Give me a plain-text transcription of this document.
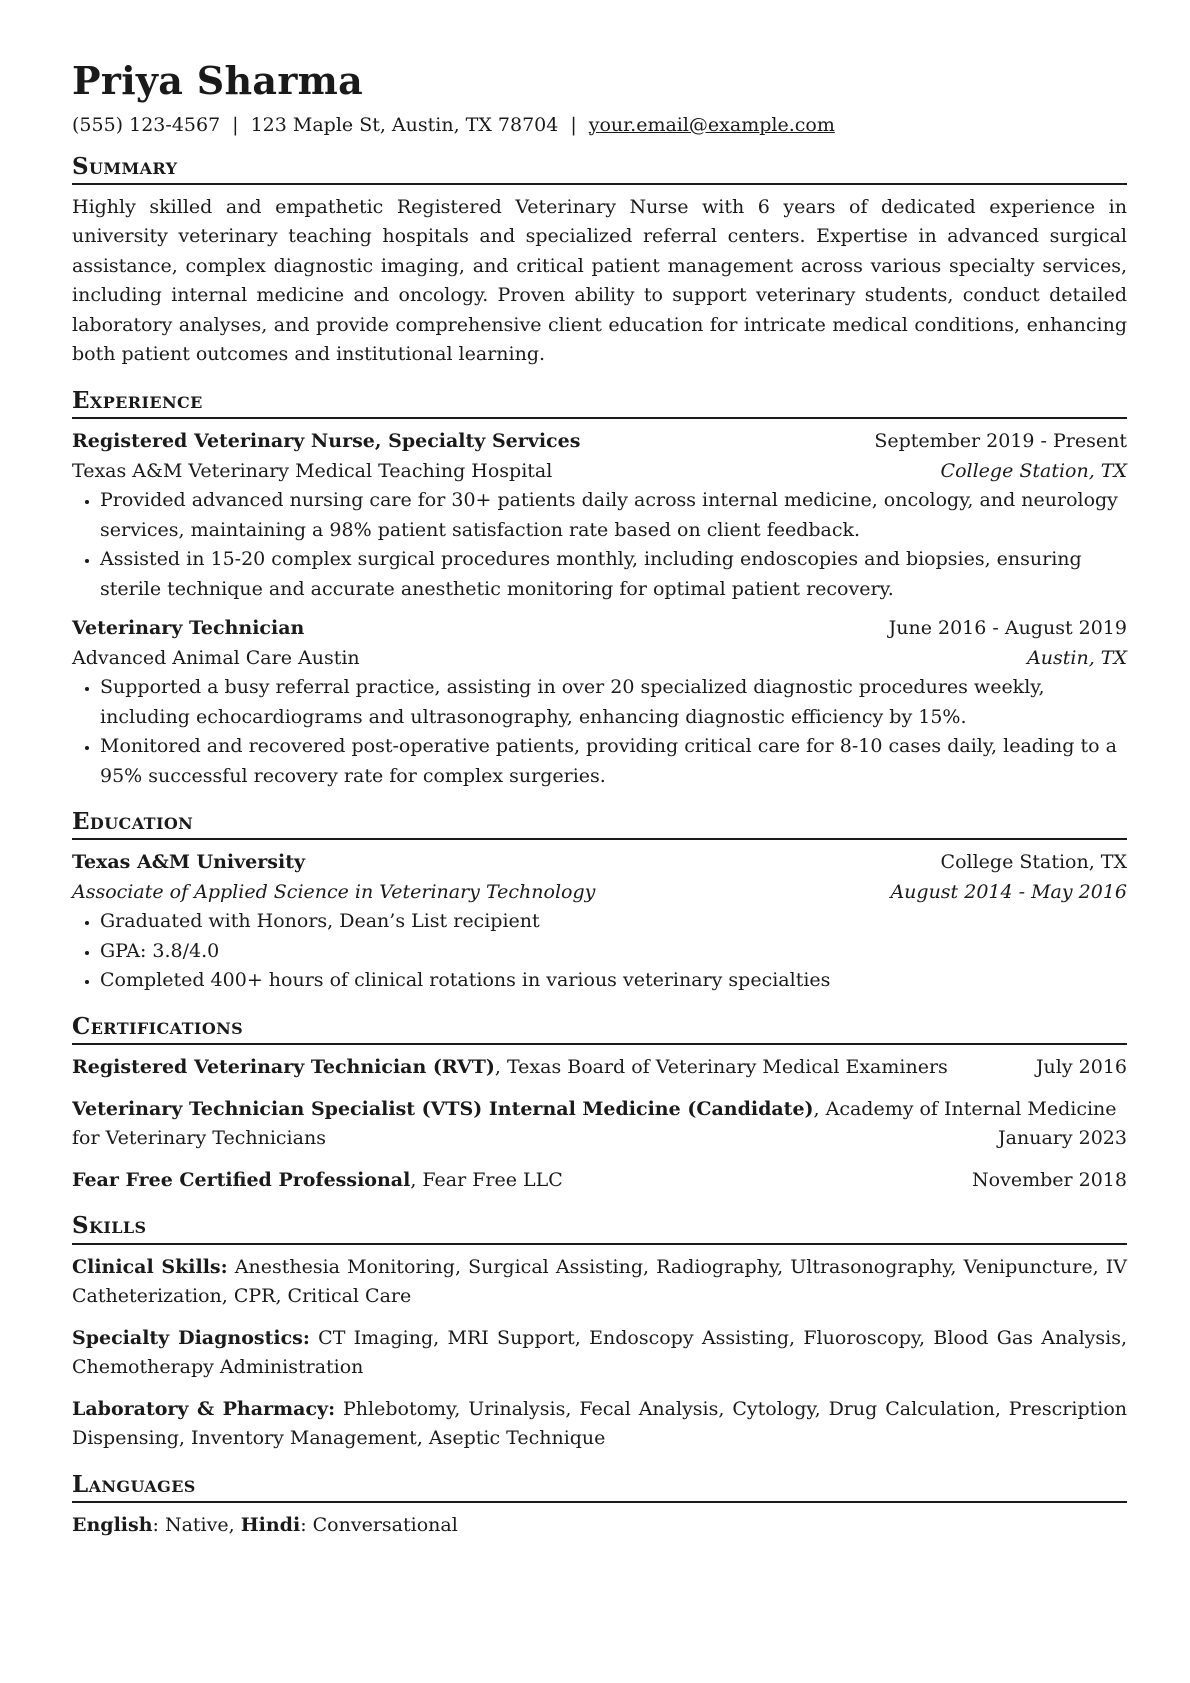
Priya Sharma
(555) 123-4567 | 123 Maple St, Austin, TX 78704 | your.email@example.com
Summary

Highly skilled and empathetic Registered Veterinary Nurse with 6 years of dedicated experience in university veterinary teaching hospitals and specialized referral centers. Expertise in advanced surgical assistance, complex diagnostic imaging, and critical patient management across various specialty services, including internal medicine and oncology. Proven ability to support veterinary students, conduct detailed laboratory analyses, and provide comprehensive client education for intricate medical conditions, enhancing both patient outcomes and institutional learning.

Experience
Registered Veterinary Nurse, Specialty Services	September 2019 - Present
Texas A&M Veterinary Medical Teaching Hospital	College Station, TX
• Provided advanced nursing care for 30+ patients daily across internal medicine, oncology, and neurology services, maintaining a 98% patient satisfaction rate based on client feedback.
• Assisted in 15-20 complex surgical procedures monthly, including endoscopies and biopsies, ensuring sterile technique and accurate anesthetic monitoring for optimal patient recovery.
Veterinary Technician	June 2016 - August 2019
Advanced Animal Care Austin	Austin, TX
• Supported a busy referral practice, assisting in over 20 specialized diagnostic procedures weekly, including echocardiograms and ultrasonography, enhancing diagnostic efficiency by 15%.
• Monitored and recovered post-operative patients, providing critical care for 8-10 cases daily, leading to a 95% successful recovery rate for complex surgeries.
Education
Texas A&M University	College Station, TX
Associate of Applied Science in Veterinary Technology	August 2014 - May 2016
• Graduated with Honors, Dean’s List recipient
• GPA: 3.8/4.0
• Completed 400+ hours of clinical rotations in various veterinary specialties
Certifications
Registered Veterinary Technician (RVT), Texas Board of Veterinary Medical Examiners	July 2016
Veterinary Technician Specialist (VTS) Internal Medicine (Candidate), Academy of Internal Medicine for Veterinary Technicians	January 2023
Fear Free Certified Professional, Fear Free LLC	November 2018
Skills
Clinical Skills: Anesthesia Monitoring, Surgical Assisting, Radiography, Ultrasonography, Venipuncture, IV Catheterization, CPR, Critical Care
Specialty Diagnostics: CT Imaging, MRI Support, Endoscopy Assisting, Fluoroscopy, Blood Gas Analysis, Chemotherapy Administration
Laboratory & Pharmacy: Phlebotomy, Urinalysis, Fecal Analysis, Cytology, Drug Calculation, Prescription Dispensing, Inventory Management, Aseptic Technique
Languages
English: Native, Hindi: Conversational
